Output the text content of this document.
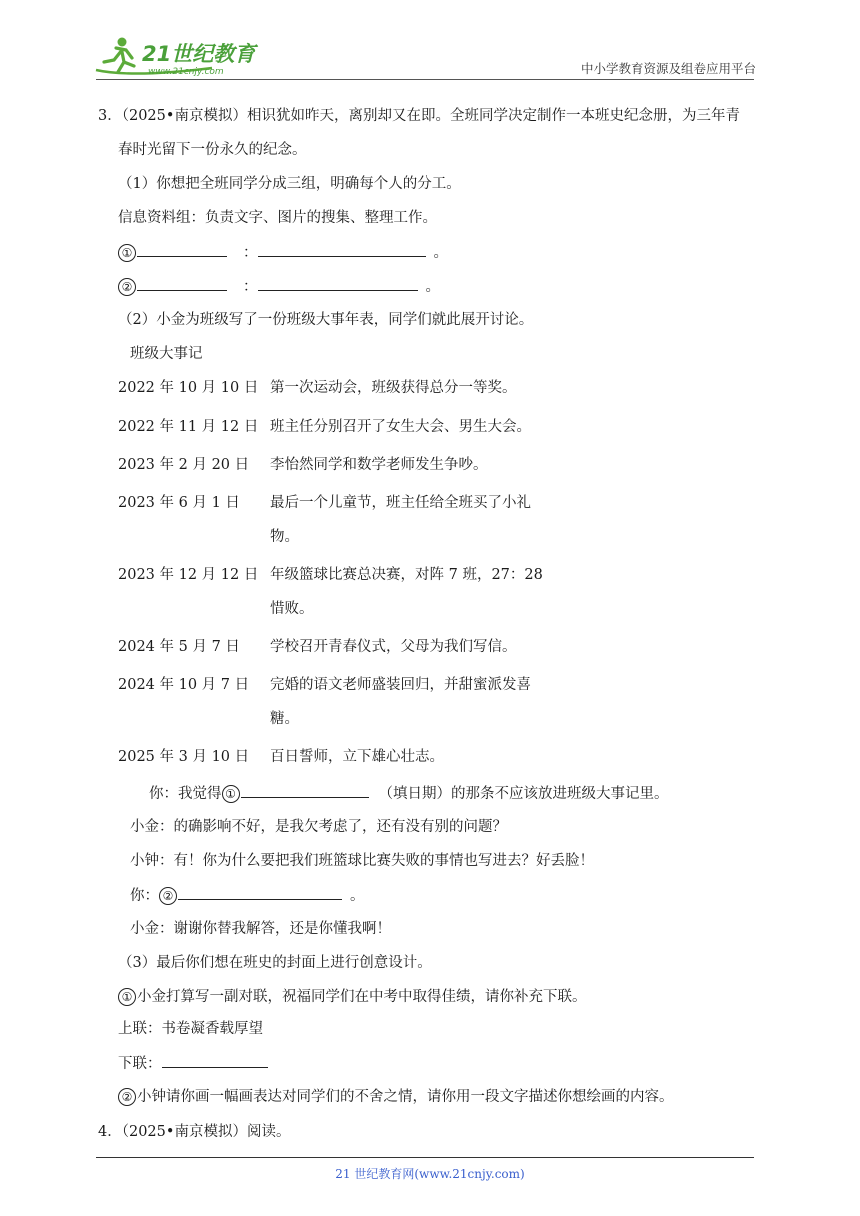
21世纪教育
www.21cnjy.com	中小学教育资源及组卷应用平台
3．（2025•南京模拟）相识犹如昨天，离别却又在即。全班同学决定制作一本班史纪念册，为三年青
春时光留下一份永久的纪念。
（1）你想把全班同学分成三组，明确每个人的分工。
信息资料组：负责文字、图片的搜集、整理工作。
①	：	。
②	：	。
（2）小金为班级写了一份班级大事年表，同学们就此展开讨论。
班级大事记
2022 年 10 月 10 日 第一次运动会，班级获得总分一等奖。
2022 年 11 月 12 日 班主任分别召开了女生大会、男生大会。
2023 年 2 月 20 日 李怡然同学和数学老师发生争吵。
2023 年 6 月 1 日 最后一个儿童节，班主任给全班买了小礼
物。
2023 年 12 月 12 日 年级篮球比赛总决赛，对阵 7 班，27：28
惜败。
2024 年 5 月 7 日 学校召开青春仪式，父母为我们写信。
2024 年 10 月 7 日 完婚的语文老师盛装回归，并甜蜜派发喜
糖。
2025 年 3 月 10 日 百日誓师，立下雄心壮志。
你：我觉得 ①	（填日期）的那条不应该放进班级大事记里。
小金：的确影响不好，是我欠考虑了，还有没有别的问题？
小钟：有！你为什么要把我们班篮球比赛失败的事情也写进去？好丢脸！
你： ②	。
小金：谢谢你替我解答，还是你懂我啊！
（3）最后你们想在班史的封面上进行创意设计。
① 小金打算写一副对联，祝福同学们在中考中取得佳绩，请你补充下联。
上联：书卷凝香载厚望
下联：
② 小钟请你画一幅画表达对同学们的不舍之情，请你用一段文字描述你想绘画的内容。
4．（2025•南京模拟）阅读。
21 世纪教育网(www.21cnjy.com)
